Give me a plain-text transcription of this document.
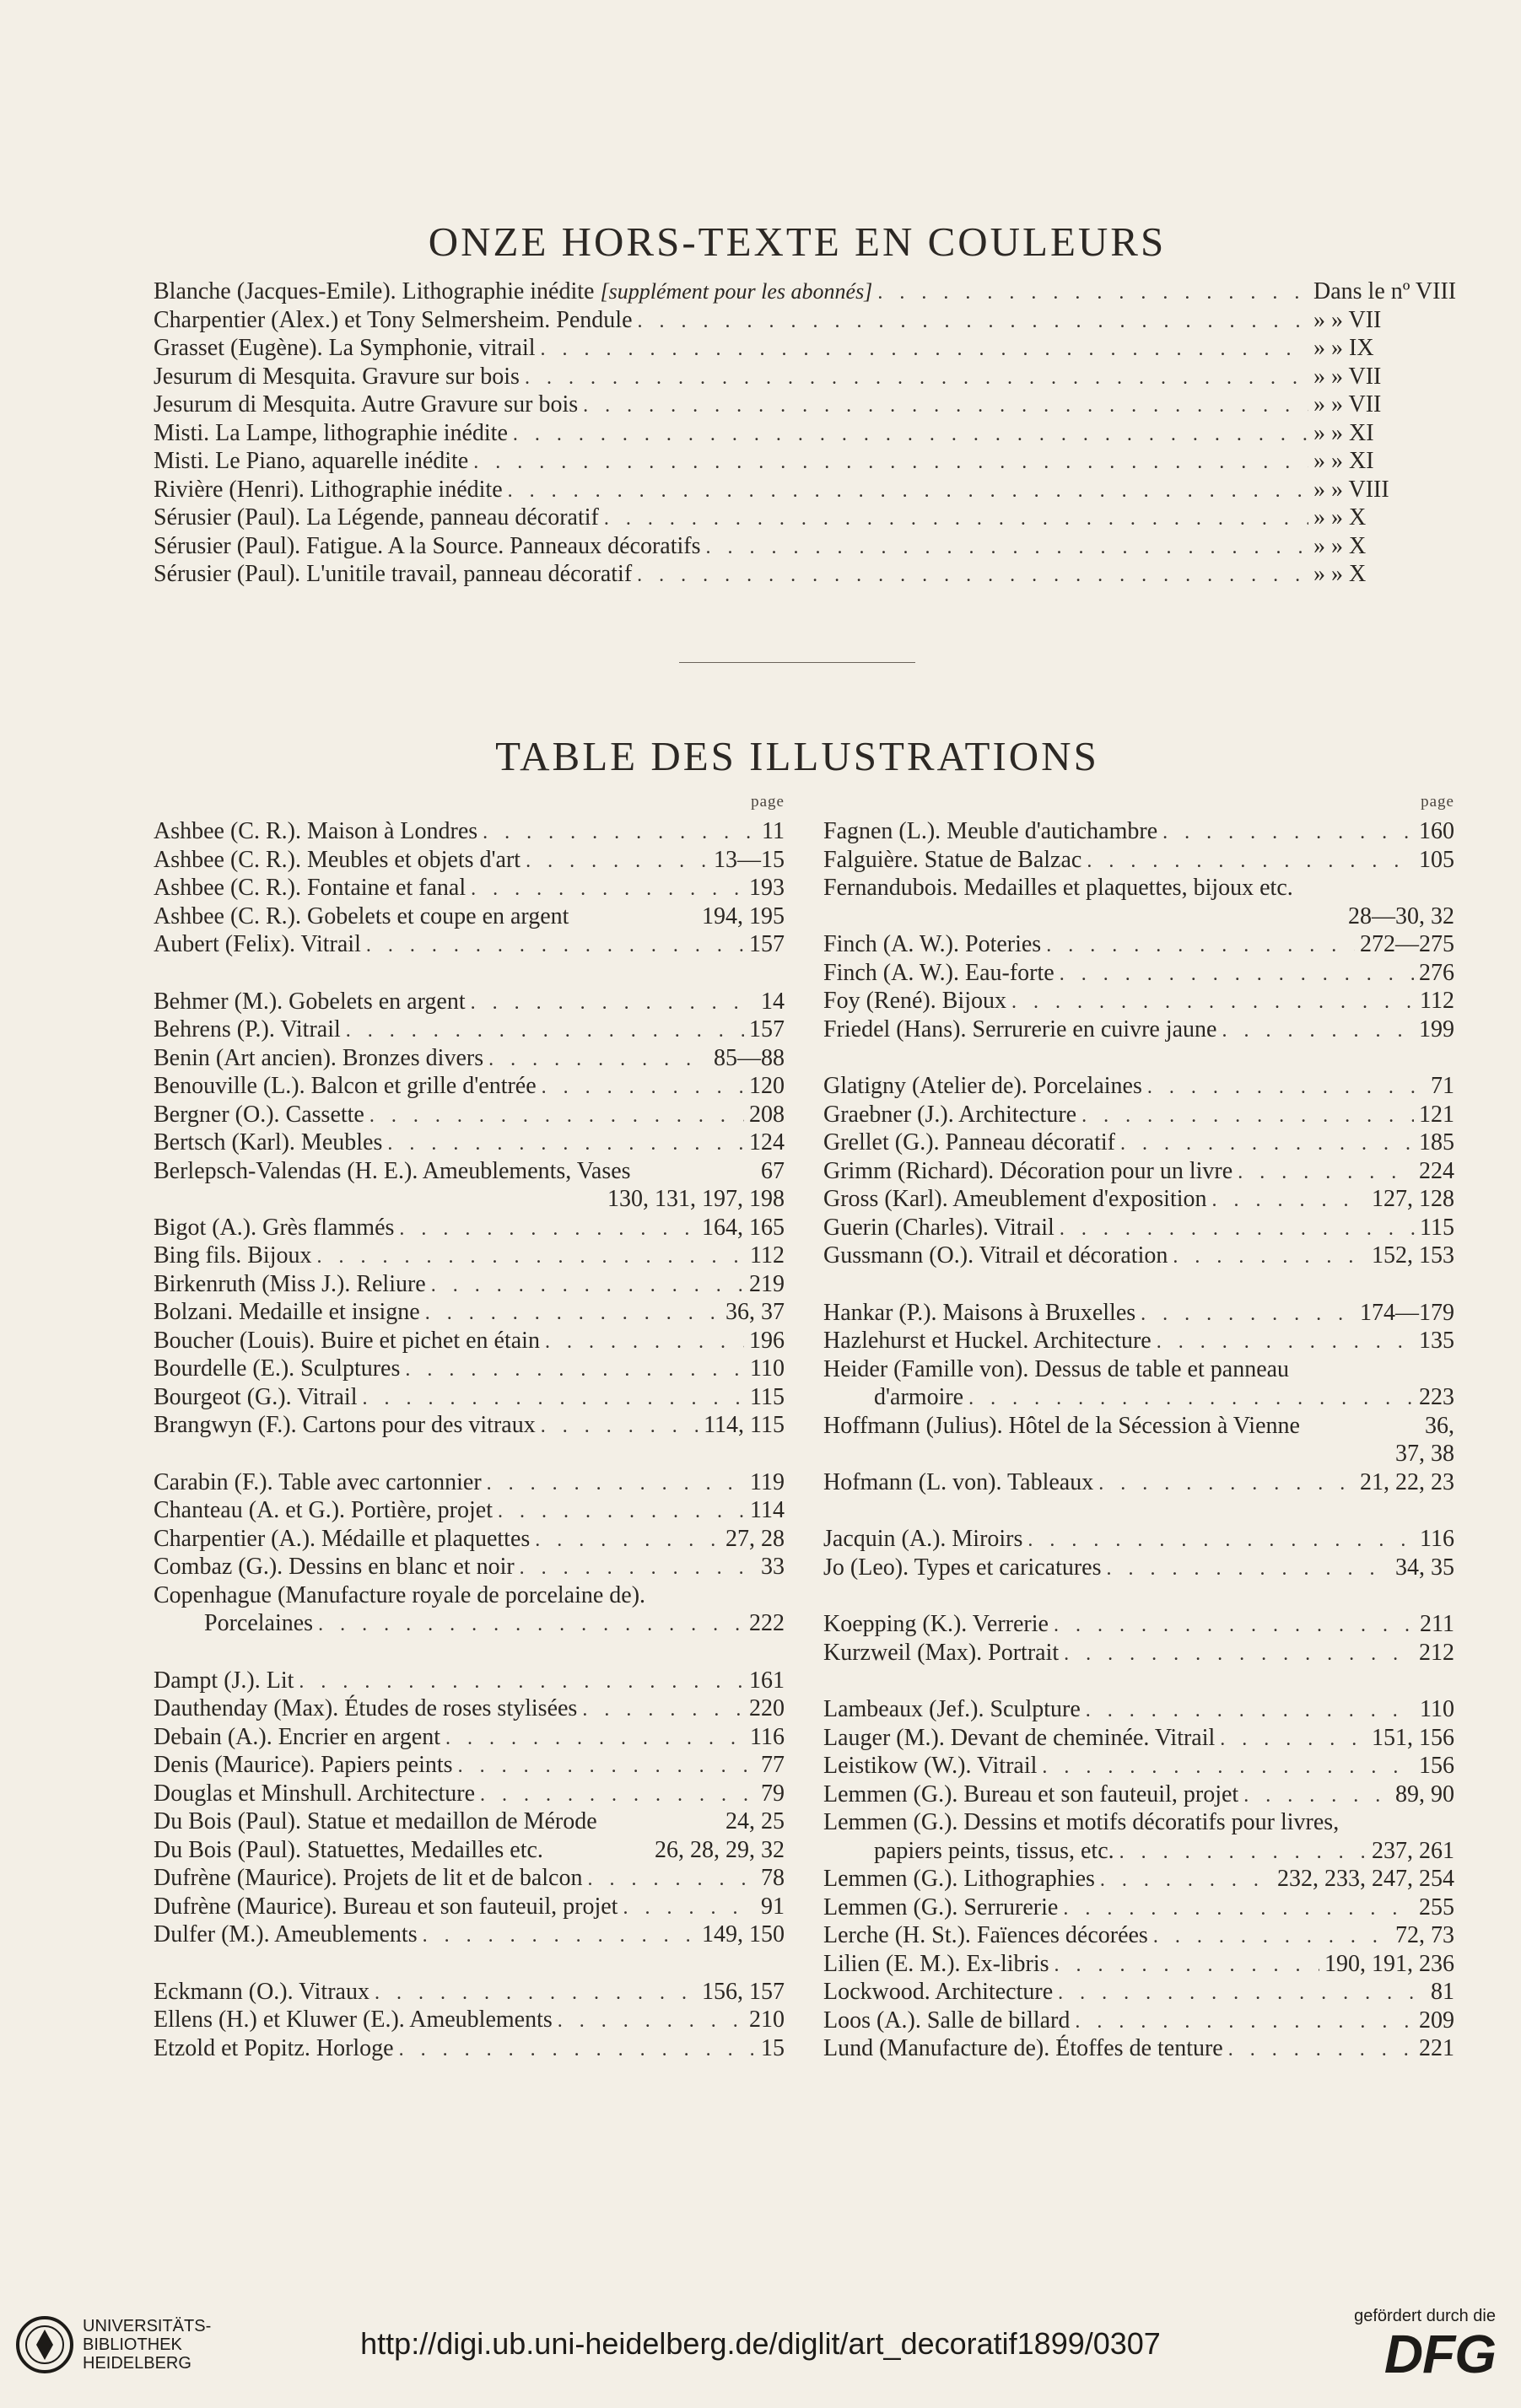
ONZE HORS-TEXTE EN COULEURS
Blanche (Jacques-Emile). Lithographie inédite [supplément pour les abonnés] . . .	Dans le nº VIII
Charpentier (Alex.) et Tony Selmersheim. Pendule . . .	» » VII
Grasset (Eugène). La Symphonie, vitrail . . .	» » IX
Jesurum di Mesquita. Gravure sur bois . . .	» » VII
Jesurum di Mesquita. Autre Gravure sur bois . . .	» » VII
Misti. La Lampe, lithographie inédite . . .	» » XI
Misti. Le Piano, aquarelle inédite . . .	» » XI
Rivière (Henri). Lithographie inédite . . .	» » VIII
Sérusier (Paul). La Légende, panneau décoratif . . .	» » X
Sérusier (Paul). Fatigue. A la Source. Panneaux décoratifs . . .	» » X
Sérusier (Paul). L'unitile travail, panneau décoratif . . .	» » X
TABLE DES ILLUSTRATIONS
page
Ashbee (C. R.). Maison à Londres . . .	11
Ashbee (C. R.). Meubles et objets d'art . . .	13—15
Ashbee (C. R.). Fontaine et fanal . . .	193
Ashbee (C. R.). Gobelets et coupe en argent	194, 195
Aubert (Felix). Vitrail . . .	157
Behmer (M.). Gobelets en argent . . .	14
Behrens (P.). Vitrail . . .	157
Benin (Art ancien). Bronzes divers . . .	85—88
Benouville (L.). Balcon et grille d'entrée . . .	120
Bergner (O.). Cassette . . .	208
Bertsch (Karl). Meubles . . .	124
Berlepsch-Valendas (H. E.). Ameublements, Vases	67
130, 131, 197, 198
Bigot (A.). Grès flammés . . .	164, 165
Bing fils. Bijoux . . .	112
Birkenruth (Miss J.). Reliure . . .	219
Bolzani. Medaille et insigne . . .	36, 37
Boucher (Louis). Buire et pichet en étain . . .	196
Bourdelle (E.). Sculptures . . .	110
Bourgeot (G.). Vitrail . . .	115
Brangwyn (F.). Cartons pour des vitraux . . .	114, 115
Carabin (F.). Table avec cartonnier . . .	119
Chanteau (A. et G.). Portière, projet . . .	114
Charpentier (A.). Médaille et plaquettes . . .	27, 28
Combaz (G.). Dessins en blanc et noir . . .	33
Copenhague (Manufacture royale de porcelaine de).
Porcelaines . . .	222
Dampt (J.). Lit . . .	161
Dauthenday (Max). Études de roses stylisées . . .	220
Debain (A.). Encrier en argent . . .	116
Denis (Maurice). Papiers peints . . .	77
Douglas et Minshull. Architecture . . .	79
Du Bois (Paul). Statue et medaillon de Mérode	24, 25
Du Bois (Paul). Statuettes, Medailles etc.	26, 28, 29, 32
Dufrène (Maurice). Projets de lit et de balcon . . .	78
Dufrène (Maurice). Bureau et son fauteuil, projet . . .	91
Dulfer (M.). Ameublements . . .	149, 150
Eckmann (O.). Vitraux . . .	156, 157
Ellens (H.) et Kluwer (E.). Ameublements . . .	210
Etzold et Popitz. Horloge . . .	15
page
Fagnen (L.). Meuble d'autichambre . . .	160
Falguière. Statue de Balzac . . .	105
Fernandubois. Medailles et plaquettes, bijoux etc.
28—30, 32
Finch (A. W.). Poteries . . .	272—275
Finch (A. W.). Eau-forte . . .	276
Foy (René). Bijoux . . .	112
Friedel (Hans). Serrurerie en cuivre jaune . . .	199
Glatigny (Atelier de). Porcelaines . . .	71
Graebner (J.). Architecture . . .	121
Grellet (G.). Panneau décoratif . . .	185
Grimm (Richard). Décoration pour un livre . . .	224
Gross (Karl). Ameublement d'exposition . . .	127, 128
Guerin (Charles). Vitrail . . .	115
Gussmann (O.). Vitrail et décoration . . .	152, 153
Hankar (P.). Maisons à Bruxelles . . .	174—179
Hazlehurst et Huckel. Architecture . . .	135
Heider (Famille von). Dessus de table et panneau
d'armoire . . .	223
Hoffmann (Julius). Hôtel de la Sécession à Vienne	36,
37, 38
Hofmann (L. von). Tableaux . . .	21, 22, 23
Jacquin (A.). Miroirs . . .	116
Jo (Leo). Types et caricatures . . .	34, 35
Koepping (K.). Verrerie . . .	211
Kurzweil (Max). Portrait . . .	212
Lambeaux (Jef.). Sculpture . . .	110
Lauger (M.). Devant de cheminée. Vitrail . . .	151, 156
Leistikow (W.). Vitrail . . .	156
Lemmen (G.). Bureau et son fauteuil, projet . . .	89, 90
Lemmen (G.). Dessins et motifs décoratifs pour livres,
papiers peints, tissus, etc. . . .	237, 261
Lemmen (G.). Lithographies . . .	232, 233, 247, 254
Lemmen (G.). Serrurerie . . .	255
Lerche (H. St.). Faïences décorées . . .	72, 73
Lilien (E. M.). Ex-libris . . .	190, 191, 236
Lockwood. Architecture . . .	81
Loos (A.). Salle de billard . . .	209
Lund (Manufacture de). Étoffes de tenture . . .	221
UNIVERSITÄTS-
BIBLIOTHEK
HEIDELBERG
http://digi.ub.uni-heidelberg.de/diglit/art_decoratif1899/0307
gefördert durch die
DFG
